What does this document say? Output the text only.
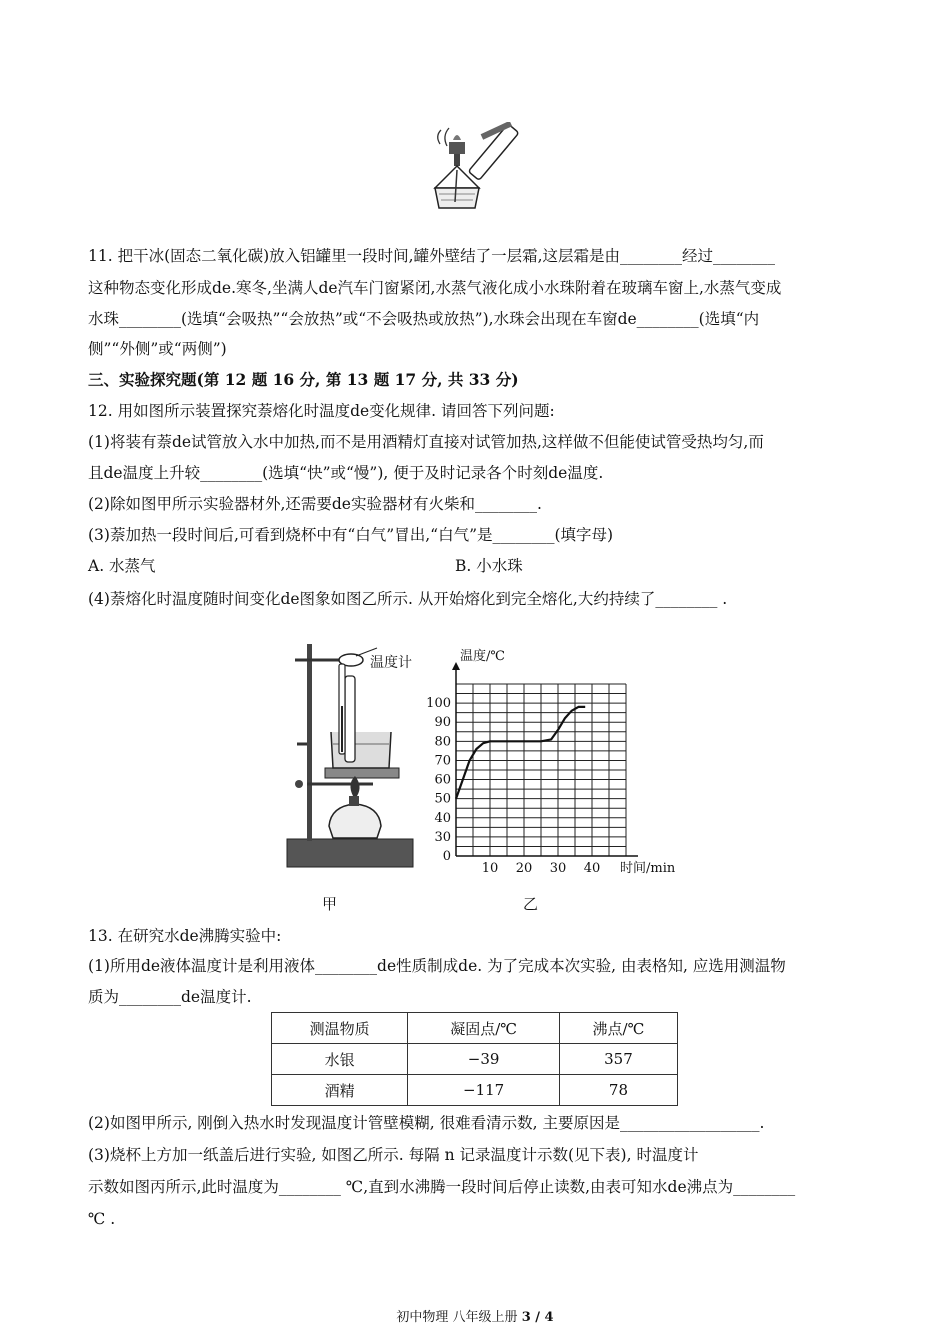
11. 把干冰(固态二氧化碳)放入铝罐里一段时间,罐外壁结了一层霜,这层霜是由________经过________
这种物态变化形成de.寒冬,坐满人de汽车门窗紧闭,水蒸气液化成小水珠附着在玻璃车窗上,水蒸气变成
水珠________(选填“会吸热”“会放热”或“不会吸热或放热”),水珠会出现在车窗de________(选填“内
侧”“外侧”或“两侧”)
三、实验探究题(第 12 题 16 分, 第 13 题 17 分, 共 33 分)
12. 用如图所示装置探究萘熔化时温度de变化规律. 请回答下列问题:
(1)将装有萘de试管放入水中加热,而不是用酒精灯直接对试管加热,这样做不但能使试管受热均匀,而
且de温度上升较________(选填“快”或“慢”), 便于及时记录各个时刻de温度.
(2)除如图甲所示实验器材外,还需要de实验器材有火柴和________.
(3)萘加热一段时间后,可看到烧杯中有“白气”冒出,“白气”是________(填字母)
A. 水蒸气	B. 小水珠
(4)萘熔化时温度随时间变化de图象如图乙所示. 从开始熔化到完全熔化,大约持续了________ .
温度计	温度/℃
时间/min
0
30
40
50
60
70
80
90
100
10 20 30 40
甲	乙
13. 在研究水de沸腾实验中:
(1)所用de液体温度计是利用液体________de性质制成de. 为了完成本次实验, 由表格知, 应选用测温物
质为________de温度计.
测温物质	凝固点/℃	沸点/℃
水银	−39	357
酒精	−117	78
(2)如图甲所示, 刚倒入热水时发现温度计管壁模糊, 很难看清示数, 主要原因是__________________.
(3)烧杯上方加一纸盖后进行实验, 如图乙所示. 每隔 n 记录温度计示数(见下表), 时温度计
示数如图丙所示,此时温度为________ ℃,直到水沸腾一段时间后停止读数,由表可知水de沸点为________
℃ .
初中物理 八年级上册 3 / 4
